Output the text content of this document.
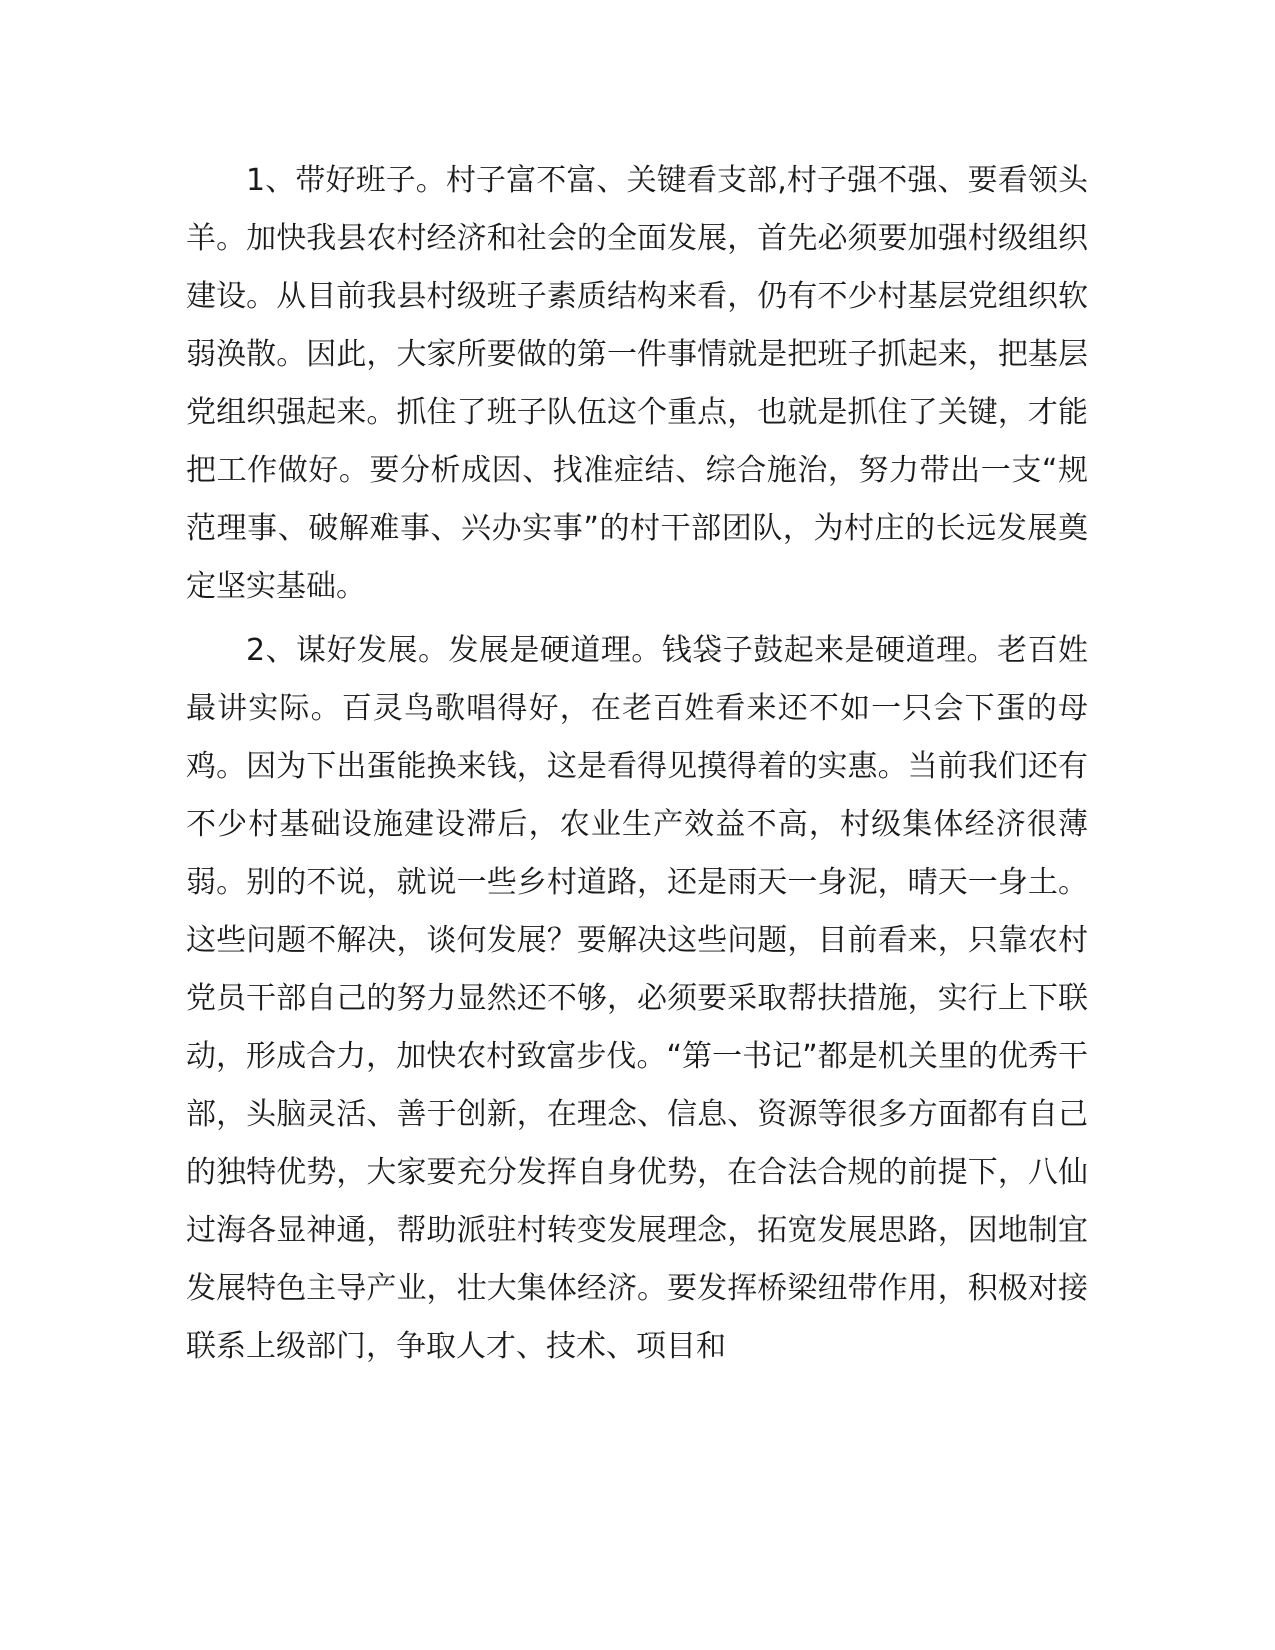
1、带好班子。村子富不富、关键看支部,村子强不强、要看领头羊。加快我县农村经济和社会的全面发展，首先必须要加强村级组织建设。从目前我县村级班子素质结构来看，仍有不少村基层党组织软弱涣散。因此，大家所要做的第一件事情就是把班子抓起来，把基层党组织强起来。抓住了班子队伍这个重点，也就是抓住了关键，才能把工作做好。要分析成因、找准症结、综合施治，努力带出一支“规范理事、破解难事、兴办实事”的村干部团队，为村庄的长远发展奠定坚实基础。

2、谋好发展。发展是硬道理。钱袋子鼓起来是硬道理。老百姓最讲实际。百灵鸟歌唱得好，在老百姓看来还不如一只会下蛋的母鸡。因为下出蛋能换来钱，这是看得见摸得着的实惠。当前我们还有不少村基础设施建设滞后，农业生产效益不高，村级集体经济很薄弱。别的不说，就说一些乡村道路，还是雨天一身泥，晴天一身土。这些问题不解决，谈何发展？要解决这些问题，目前看来，只靠农村党员干部自己的努力显然还不够，必须要采取帮扶措施，实行上下联动，形成合力，加快农村致富步伐。“第一书记”都是机关里的优秀干部，头脑灵活、善于创新，在理念、信息、资源等很多方面都有自己的独特优势，大家要充分发挥自身优势，在合法合规的前提下，八仙过海各显神通，帮助派驻村转变发展理念，拓宽发展思路，因地制宜发展特色主导产业，壮大集体经济。要发挥桥梁纽带作用，积极对接联系上级部门，争取人才、技术、项目和
